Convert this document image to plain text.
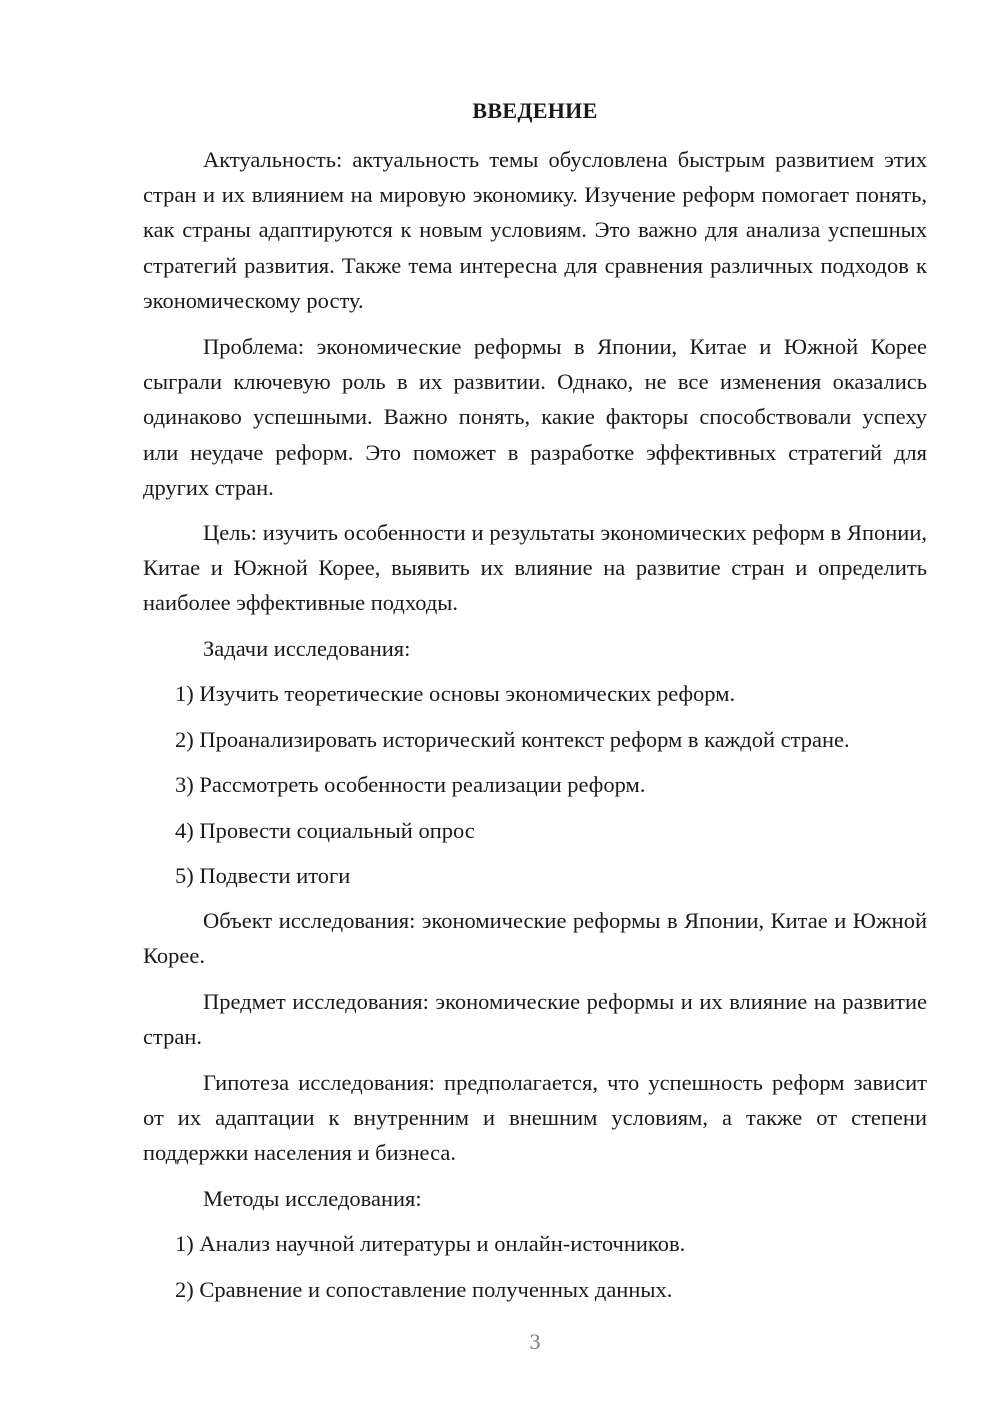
ВВЕДЕНИЕ

Актуальность: актуальность темы обусловлена быстрым развитием этих стран и их влиянием на мировую экономику. Изучение реформ помогает понять, как страны адаптируются к новым условиям. Это важно для анализа успешных стратегий развития. Также тема интересна для сравнения различных подходов к экономическому росту.

Проблема: экономические реформы в Японии, Китае и Южной Корее сыграли ключевую роль в их развитии. Однако, не все изменения оказались одинаково успешными. Важно понять, какие факторы способствовали успеху или неудаче реформ. Это поможет в разработке эффективных стратегий для других стран.

Цель: изучить особенности и результаты экономических реформ в Японии, Китае и Южной Корее, выявить их влияние на развитие стран и определить наиболее эффективные подходы.

Задачи исследования:

1) Изучить теоретические основы экономических реформ.

2) Проанализировать исторический контекст реформ в каждой стране.

3) Рассмотреть особенности реализации реформ.

4) Провести социальный опрос

5) Подвести итоги

Объект исследования: экономические реформы в Японии, Китае и Южной Корее.

Предмет исследования: экономические реформы и их влияние на развитие стран.

Гипотеза исследования: предполагается, что успешность реформ зависит от их адаптации к внутренним и внешним условиям, а также от степени поддержки населения и бизнеса.

Методы исследования:

1) Анализ научной литературы и онлайн-источников.

2) Сравнение и сопоставление полученных данных.

3
